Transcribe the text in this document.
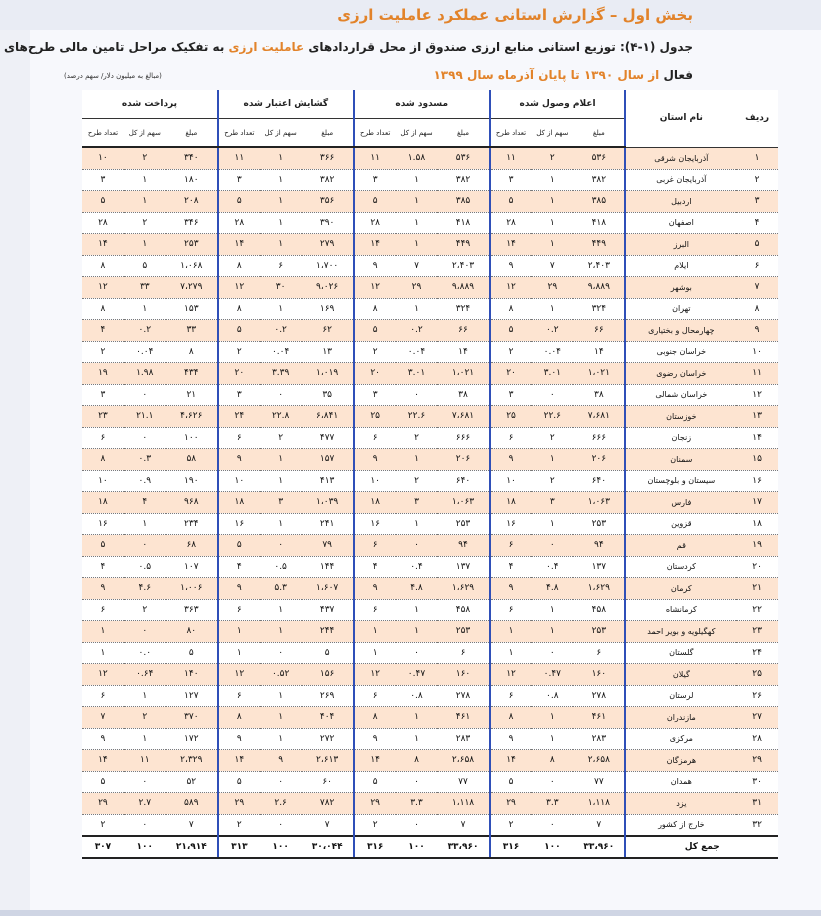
بخش اول – گزارش استانی عملکرد عاملیت ارزی
جدول (۱-۴): توزیع استانی منابع ارزی صندوق از محل قراردادهای عاملیت ارزی به تفکیک مراحل تامین مالی طرح‌های
فعال از سال ۱۳۹۰ تا پایان آذرماه سال ۱۳۹۹
(مبالغ به میلیون دلار/ سهم درصد)
ردیف	نام استان	اعلام وصول شده			مسدود شده			گشایش اعتبار شده			پرداخت شده		
		مبلغ	سهم از کل	تعداد طرح	مبلغ	سهم از کل	تعداد طرح	مبلغ	سهم از کل	تعداد طرح	مبلغ	سهم از کل	تعداد طرح
۱	آذربایجان شرقی	۵۳۶	۲	۱۱	۵۳۶	۱.۵۸	۱۱	۳۶۶	۱	۱۱	۳۴۰	۲	۱۰
۲	آذربایجان غربی	۳۸۲	۱	۳	۳۸۲	۱	۳	۳۸۲	۱	۳	۱۸۰	۱	۳
۳	اردبیل	۳۸۵	۱	۵	۳۸۵	۱	۵	۳۵۶	۱	۵	۲۰۸	۱	۵
۴	اصفهان	۴۱۸	۱	۲۸	۴۱۸	۱	۲۸	۳۹۰	۱	۲۸	۳۴۶	۲	۲۸
۵	البرز	۴۴۹	۱	۱۴	۴۴۹	۱	۱۴	۲۷۹	۱	۱۴	۲۵۳	۱	۱۴
۶	ایلام	۲،۴۰۳	۷	۹	۲،۴۰۳	۷	۹	۱،۷۰۰	۶	۸	۱،۰۶۸	۵	۸
۷	بوشهر	۹،۸۸۹	۲۹	۱۲	۹،۸۸۹	۲۹	۱۲	۹،۰۲۶	۳۰	۱۲	۷،۲۷۹	۳۳	۱۲
۸	تهران	۳۲۴	۱	۸	۳۲۴	۱	۸	۱۶۹	۱	۸	۱۵۳	۱	۸
۹	چهارمحال و بختیاری	۶۶	۰.۲	۵	۶۶	۰.۲	۵	۶۲	۰.۲	۵	۳۳	۰.۲	۴
۱۰	خراسان جنوبی	۱۴	۰.۰۴	۲	۱۴	۰.۰۴	۲	۱۳	۰.۰۴	۲	۸	۰.۰۴	۲
۱۱	خراسان رضوی	۱،۰۲۱	۳.۰۱	۲۰	۱،۰۲۱	۳.۰۱	۲۰	۱،۰۱۹	۳.۳۹	۲۰	۴۳۴	۱.۹۸	۱۹
۱۲	خراسان شمالی	۳۸	۰	۳	۳۸	۰	۳	۳۵	۰	۳	۲۱	۰	۳
۱۳	خوزستان	۷،۶۸۱	۲۲.۶	۲۵	۷،۶۸۱	۲۲.۶	۲۵	۶،۸۴۱	۲۲.۸	۲۴	۴،۶۲۶	۲۱.۱	۲۳
۱۴	زنجان	۶۶۶	۲	۶	۶۶۶	۲	۶	۴۷۷	۲	۶	۱۰۰	۰	۶
۱۵	سمنان	۲۰۶	۱	۹	۲۰۶	۱	۹	۱۵۷	۱	۹	۵۸	۰.۳	۸
۱۶	سیستان و بلوچستان	۶۴۰	۲	۱۰	۶۴۰	۲	۱۰	۴۱۳	۱	۱۰	۱۹۰	۰.۹	۱۰
۱۷	فارس	۱،۰۶۳	۳	۱۸	۱،۰۶۳	۳	۱۸	۱،۰۳۹	۳	۱۸	۹۶۸	۴	۱۸
۱۸	قزوین	۲۵۳	۱	۱۶	۲۵۳	۱	۱۶	۲۴۱	۱	۱۶	۲۳۴	۱	۱۶
۱۹	قم	۹۴	۰	۶	۹۴	۰	۶	۷۹	۰	۵	۶۸	۰	۵
۲۰	کردستان	۱۳۷	۰.۴	۴	۱۳۷	۰.۴	۴	۱۴۴	۰.۵	۴	۱۰۷	۰.۵	۴
۲۱	کرمان	۱،۶۲۹	۴.۸	۹	۱،۶۲۹	۴.۸	۹	۱،۶۰۷	۵.۳	۹	۱،۰۰۶	۴.۶	۹
۲۲	کرمانشاه	۴۵۸	۱	۶	۴۵۸	۱	۶	۴۳۷	۱	۶	۳۶۳	۲	۶
۲۳	کهگیلویه و بویر احمد	۲۵۳	۱	۱	۲۵۳	۱	۱	۲۴۴	۱	۱	۸۰	۰	۱
۲۴	گلستان	۶	۰	۱	۶	۰	۱	۵	۰	۱	۵	۰.۰	۱
۲۵	گیلان	۱۶۰	۰.۴۷	۱۲	۱۶۰	۰.۴۷	۱۲	۱۵۶	۰.۵۲	۱۲	۱۴۰	۰.۶۴	۱۲
۲۶	لرستان	۲۷۸	۰.۸	۶	۲۷۸	۰.۸	۶	۲۶۹	۱	۶	۱۲۷	۱	۶
۲۷	مازندران	۴۶۱	۱	۸	۴۶۱	۱	۸	۴۰۴	۱	۸	۳۷۰	۲	۷
۲۸	مرکزی	۲۸۳	۱	۹	۲۸۳	۱	۹	۲۷۲	۱	۹	۱۷۲	۱	۹
۲۹	هرمزگان	۲،۶۵۸	۸	۱۴	۲،۶۵۸	۸	۱۴	۲،۶۱۳	۹	۱۴	۲،۳۲۹	۱۱	۱۴
۳۰	همدان	۷۷	۰	۵	۷۷	۰	۵	۶۰	۰	۵	۵۲	۰	۵
۳۱	یزد	۱،۱۱۸	۳.۳	۲۹	۱،۱۱۸	۳.۳	۲۹	۷۸۲	۲.۶	۲۹	۵۸۹	۲.۷	۲۹
۳۲	خارج از کشور	۷	۰	۲	۷	۰	۲	۷	۰	۲	۷	۰	۲
جمع کل		۳۳،۹۶۰	۱۰۰	۳۱۶	۳۳،۹۶۰	۱۰۰	۳۱۶	۳۰،۰۴۴	۱۰۰	۳۱۳	۲۱،۹۱۴	۱۰۰	۳۰۷
